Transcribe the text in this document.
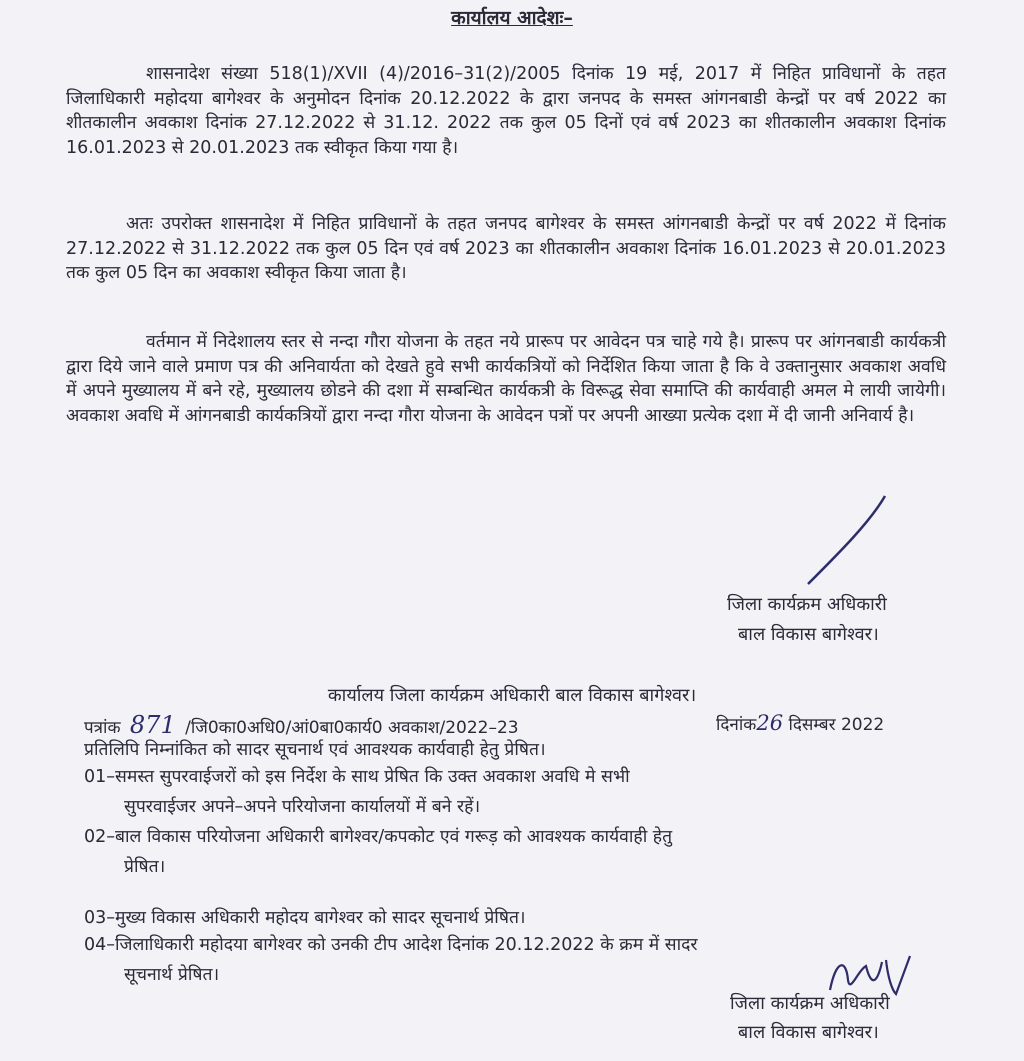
कार्यालय आदेशः–

शासनादेश संख्या 518(1)/XVII (4)/2016–31(2)/2005 दिनांक 19 मई, 2017 में निहित प्राविधानों के तहत जिलाधिकारी महोदया बागेश्वर के अनुमोदन दिनांक 20.12.2022 के द्वारा जनपद के समस्त आंगनबाडी केन्द्रों पर वर्ष 2022 का शीतकालीन अवकाश दिनांक 27.12.2022 से 31.12. 2022 तक कुल 05 दिनों एवं वर्ष 2023 का शीतकालीन अवकाश दिनांक 16.01.2023 से 20.01.2023 तक स्वीकृत किया गया है।

अतः उपरोक्त शासनादेश में निहित प्राविधानों के तहत जनपद बागेश्वर के समस्त आंगनबाडी केन्द्रों पर वर्ष 2022 में दिनांक 27.12.2022 से 31.12.2022 तक कुल 05 दिन एवं वर्ष 2023 का शीतकालीन अवकाश दिनांक 16.01.2023 से 20.01.2023 तक कुल 05 दिन का अवकाश स्वीकृत किया जाता है।

वर्तमान में निदेशालय स्तर से नन्दा गौरा योजना के तहत नये प्रारूप पर आवेदन पत्र चाहे गये है। प्रारूप पर आंगनबाडी कार्यकत्री द्वारा दिये जाने वाले प्रमाण पत्र की अनिवार्यता को देखते हुवे सभी कार्यकत्रियों को निर्देशित किया जाता है कि वे उक्तानुसार अवकाश अवधि में अपने मुख्यालय में बने रहे, मुख्यालय छोडने की दशा में सम्बन्धित कार्यकत्री के विरूद्ध सेवा समाप्ति की कार्यवाही अमल मे लायी जायेगी। अवकाश अवधि में आंगनबाडी कार्यकत्रियों द्वारा नन्दा गौरा योजना के आवेदन पत्रों पर अपनी आख्या प्रत्येक दशा में दी जानी अनिवार्य है।

जिला कार्यक्रम अधिकारी
बाल विकास बागेश्वर।
कार्यालय जिला कार्यक्रम अधिकारी बाल विकास बागेश्वर।
पत्रांक 871 /जि0का0अधि0/आं0बा0कार्य0 अवकाश/2022–23	दिनांक26 दिसम्बर 2022
प्रतिलिपि निम्नांकित को सादर सूचनार्थ एवं आवश्यक कार्यवाही हेतु प्रेषित।
01–समस्त सुपरवाईजरों को इस निर्देश के साथ प्रेषित कि उक्त अवकाश अवधि मे सभी
सुपरवाईजर अपने–अपने परियोजना कार्यालयों में बने रहें।
02–बाल विकास परियोजना अधिकारी बागेश्वर/कपकोट एवं गरूड़ को आवश्यक कार्यवाही हेतु
प्रेषित।
03–मुख्य विकास अधिकारी महोदय बागेश्वर को सादर सूचनार्थ प्रेषित।
04–जिलाधिकारी महोदया बागेश्वर को उनकी टीप आदेश दिनांक 20.12.2022 के क्रम में सादर
सूचनार्थ प्रेषित।
जिला कार्यक्रम अधिकारी
बाल विकास बागेश्वर।
